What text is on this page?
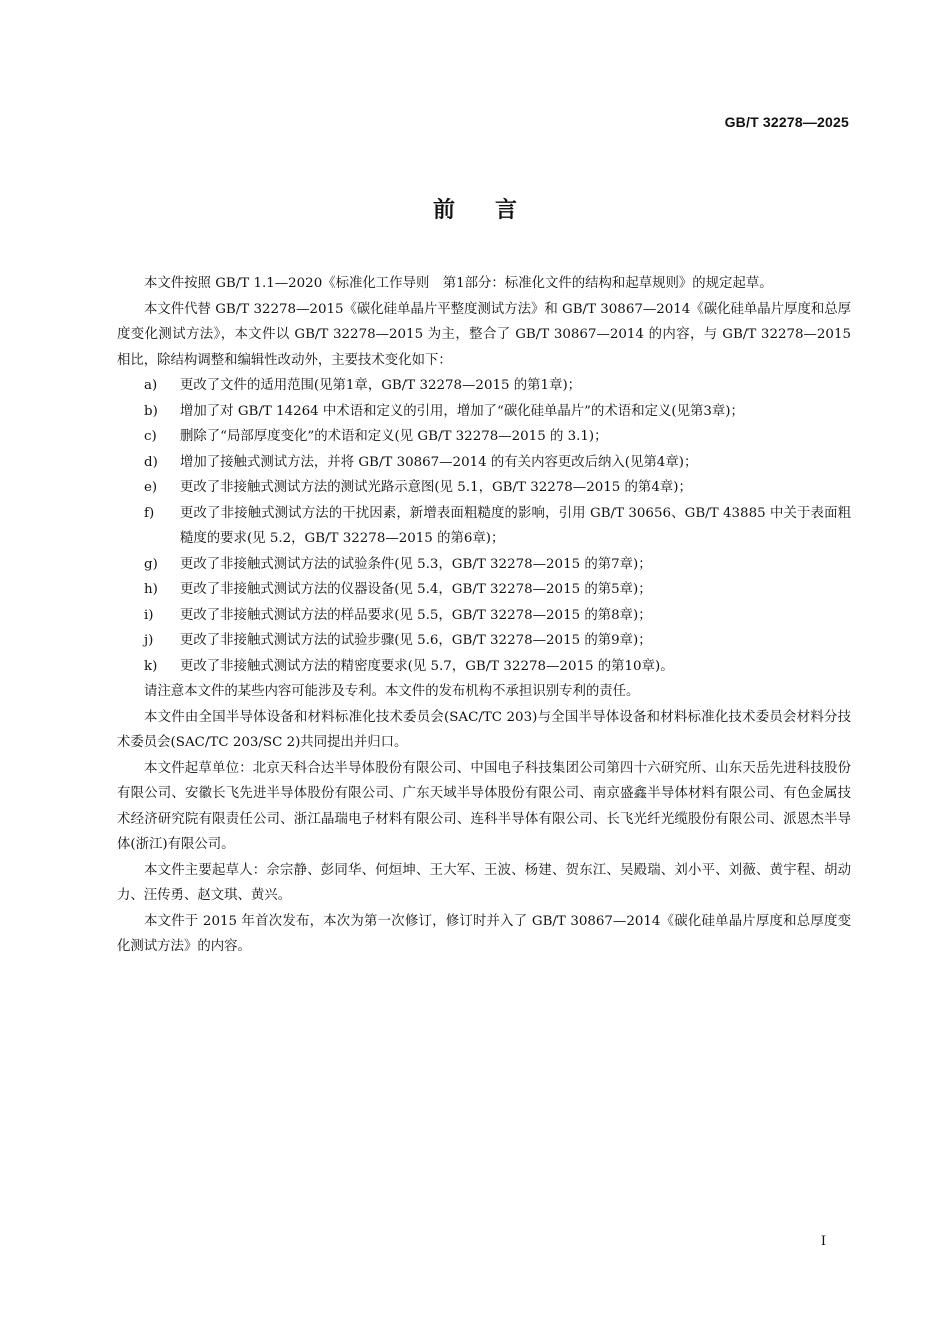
GB/T 32278—2025
前言

本文件按照 GB/T 1.1—2020《标准化工作导则　第1部分：标准化文件的结构和起草规则》的规定起草。

本文件代替 GB/T 32278—2015《碳化硅单晶片平整度测试方法》和 GB/T 30867—2014《碳化硅单晶片厚度和总厚度变化测试方法》，本文件以 GB/T 32278—2015 为主，整合了 GB/T 30867—2014 的内容，与 GB/T 32278—2015 相比，除结构调整和编辑性改动外，主要技术变化如下：

a)	更改了文件的适用范围(见第1章，GB/T 32278—2015 的第1章)；
b)	增加了对 GB/T 14264 中术语和定义的引用，增加了“碳化硅单晶片”的术语和定义(见第3章)；
c)	删除了“局部厚度变化”的术语和定义(见 GB/T 32278—2015 的 3.1)；
d)	增加了接触式测试方法，并将 GB/T 30867—2014 的有关内容更改后纳入(见第4章)；
e)	更改了非接触式测试方法的测试光路示意图(见 5.1，GB/T 32278—2015 的第4章)；
f)	更改了非接触式测试方法的干扰因素，新增表面粗糙度的影响，引用 GB/T 30656、GB/T 43885 中关于表面粗糙度的要求(见 5.2，GB/T 32278—2015 的第6章)；
g)	更改了非接触式测试方法的试验条件(见 5.3，GB/T 32278—2015 的第7章)；
h)	更改了非接触式测试方法的仪器设备(见 5.4，GB/T 32278—2015 的第5章)；
i)	更改了非接触式测试方法的样品要求(见 5.5，GB/T 32278—2015 的第8章)；
j)	更改了非接触式测试方法的试验步骤(见 5.6，GB/T 32278—2015 的第9章)；
k)	更改了非接触式测试方法的精密度要求(见 5.7，GB/T 32278—2015 的第10章)。

请注意本文件的某些内容可能涉及专利。本文件的发布机构不承担识别专利的责任。

本文件由全国半导体设备和材料标准化技术委员会(SAC/TC 203)与全国半导体设备和材料标准化技术委员会材料分技术委员会(SAC/TC 203/SC 2)共同提出并归口。

本文件起草单位：北京天科合达半导体股份有限公司、中国电子科技集团公司第四十六研究所、山东天岳先进科技股份有限公司、安徽长飞先进半导体股份有限公司、广东天域半导体股份有限公司、南京盛鑫半导体材料有限公司、有色金属技术经济研究院有限责任公司、浙江晶瑞电子材料有限公司、连科半导体有限公司、长飞光纤光缆股份有限公司、派恩杰半导体(浙江)有限公司。

本文件主要起草人：佘宗静、彭同华、何烜坤、王大军、王波、杨建、贺东江、吴殿瑞、刘小平、刘薇、黄宇程、胡动力、汪传勇、赵文琪、黄兴。

本文件于 2015 年首次发布，本次为第一次修订，修订时并入了 GB/T 30867—2014《碳化硅单晶片厚度和总厚度变化测试方法》的内容。

I
